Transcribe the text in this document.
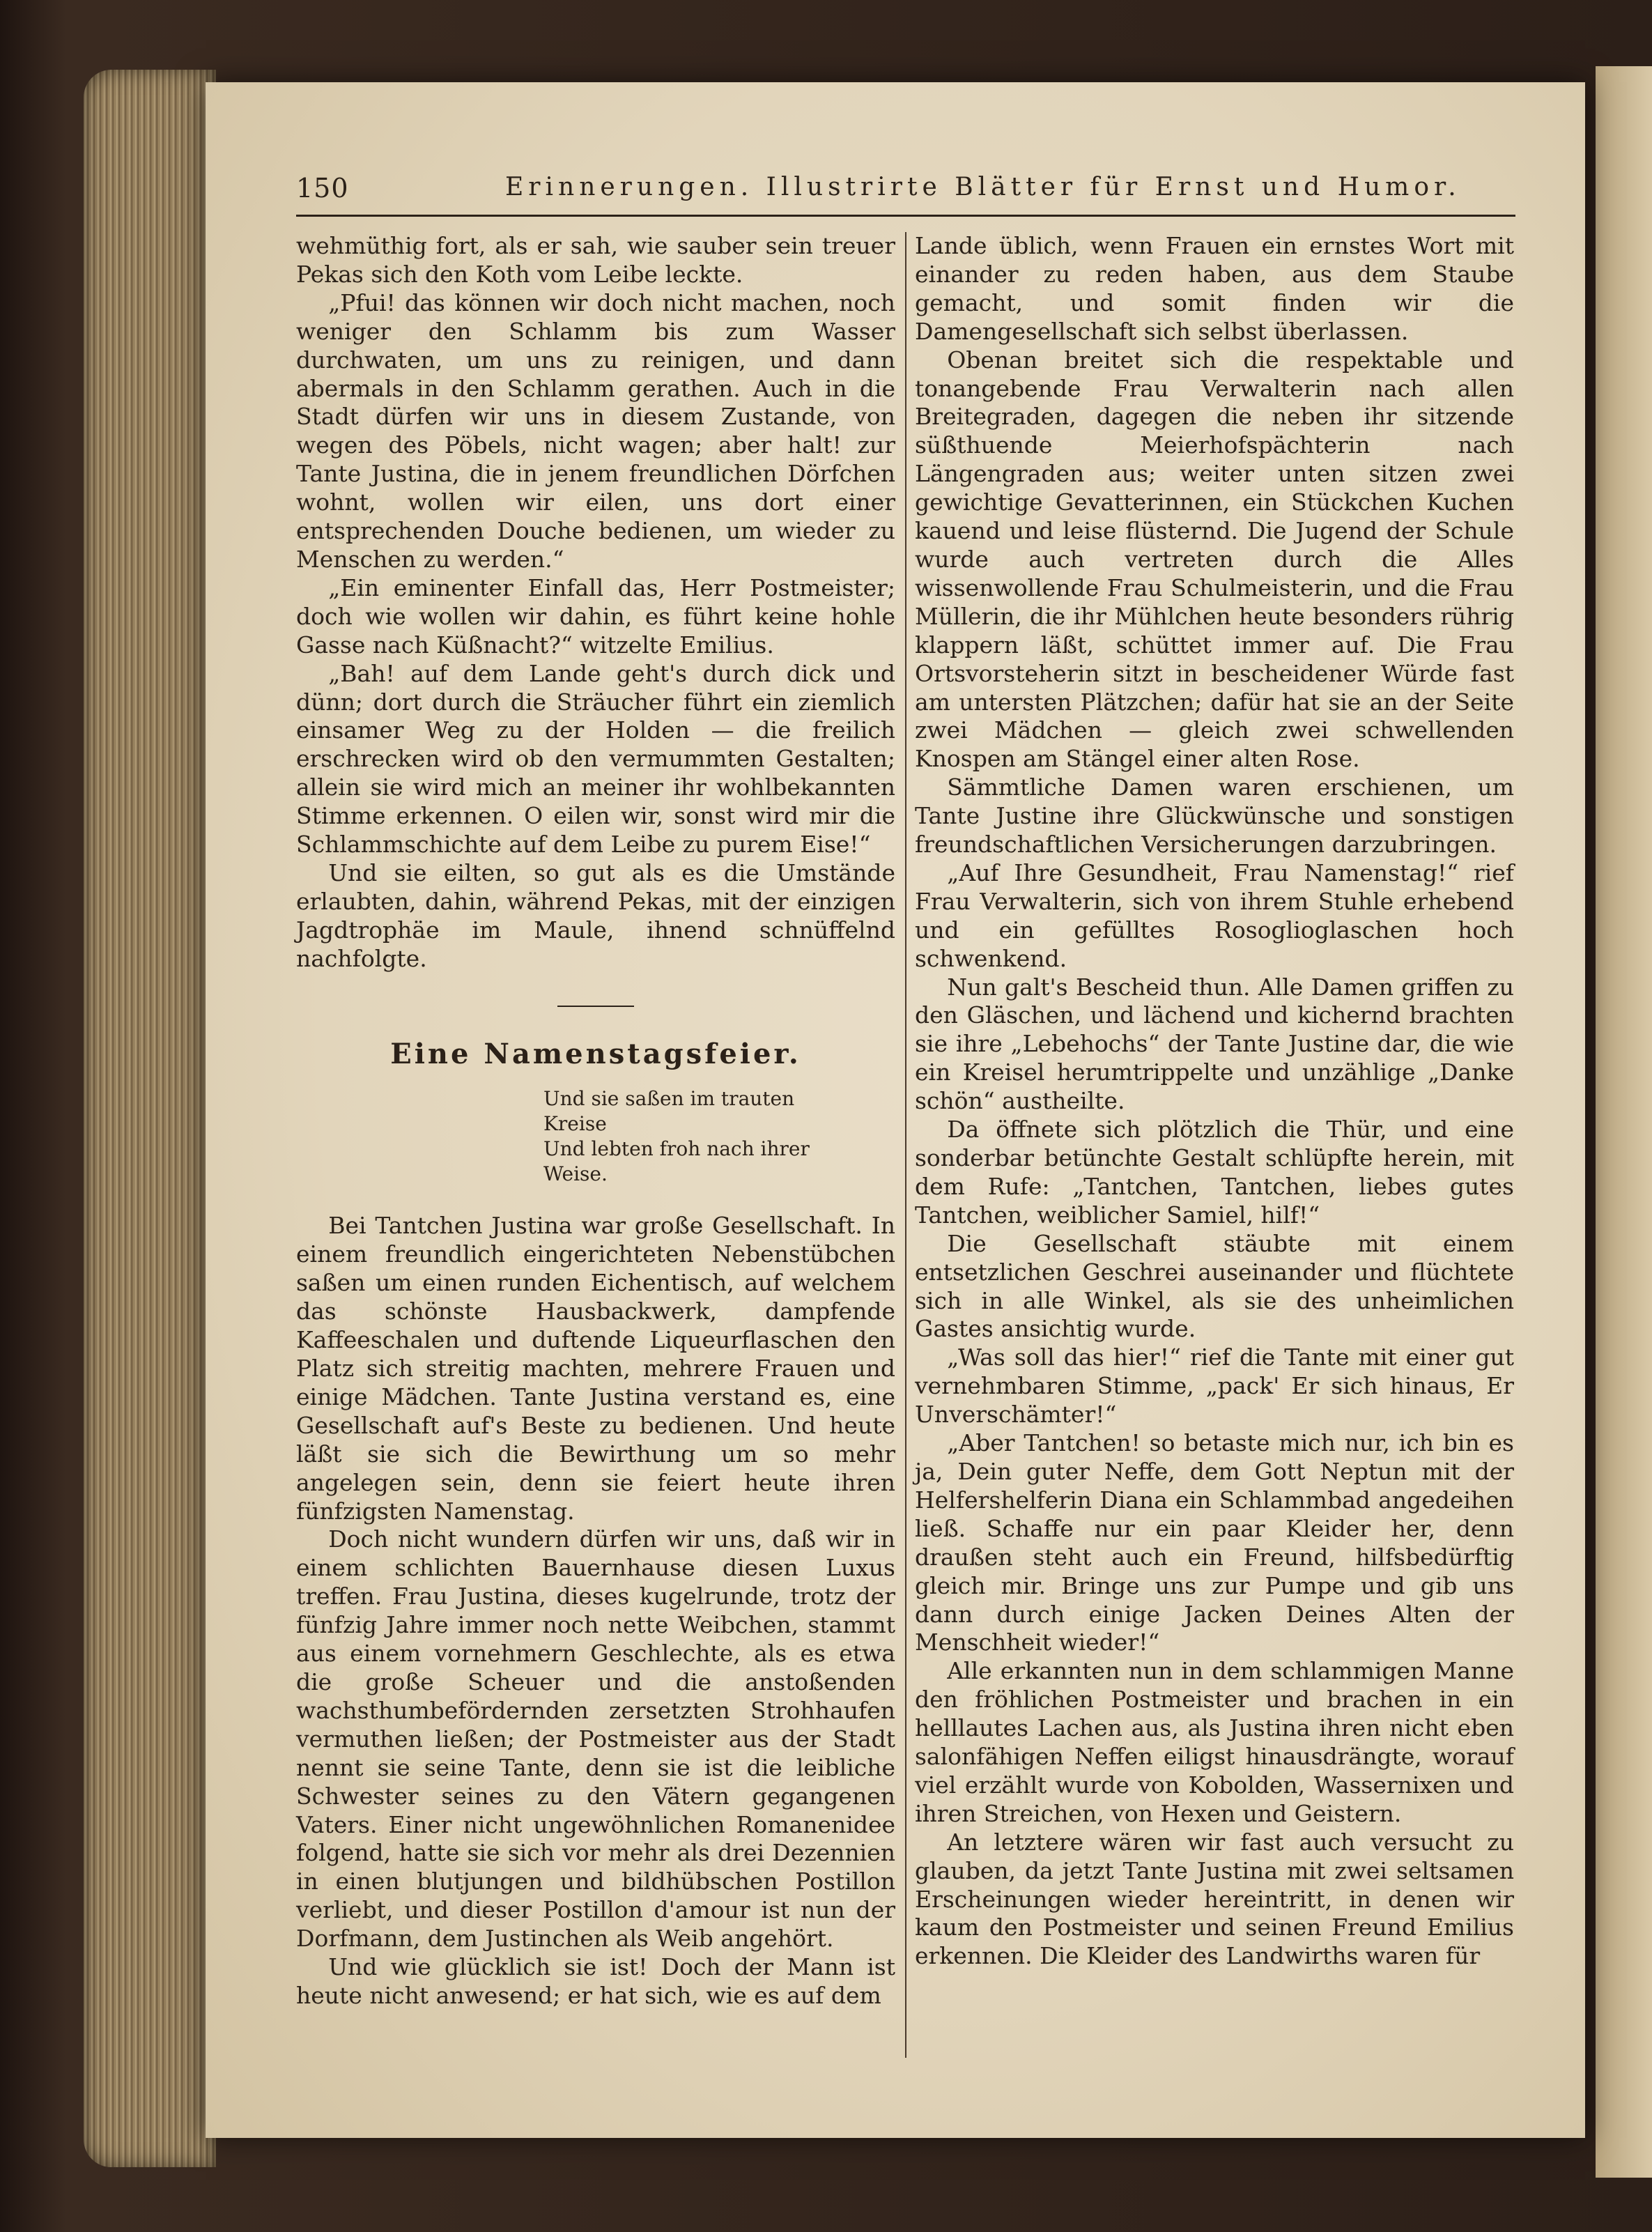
150	Erinnerungen. Illustrirte Blätter für Ernst und Humor.

wehmüthig fort, als er sah, wie sauber sein treuer Pekas sich den Koth vom Leibe leckte.

„Pfui! das können wir doch nicht machen, noch weniger den Schlamm bis zum Wasser durchwaten, um uns zu reinigen, und dann abermals in den Schlamm gerathen. Auch in die Stadt dürfen wir uns in diesem Zustande, von wegen des Pöbels, nicht wagen; aber halt! zur Tante Justina, die in jenem freundlichen Dörfchen wohnt, wollen wir eilen, uns dort einer entsprechenden Douche bedienen, um wieder zu Menschen zu werden.“

„Ein eminenter Einfall das, Herr Postmeister; doch wie wollen wir dahin, es führt keine hohle Gasse nach Küßnacht?“ witzelte Emilius.

„Bah! auf dem Lande geht's durch dick und dünn; dort durch die Sträucher führt ein ziemlich einsamer Weg zu der Holden — die freilich erschrecken wird ob den vermummten Gestalten; allein sie wird mich an meiner ihr wohlbekannten Stimme erkennen. O eilen wir, sonst wird mir die Schlammschichte auf dem Leibe zu purem Eise!“

Und sie eilten, so gut als es die Umstände erlaubten, dahin, während Pekas, mit der einzigen Jagdtrophäe im Maule, ihnend schnüffelnd nachfolgte.

Eine Namenstagsfeier.
Und sie saßen im trauten Kreise
Und lebten froh nach ihrer Weise.

Bei Tantchen Justina war große Gesellschaft. In einem freundlich eingerichteten Nebenstübchen saßen um einen runden Eichentisch, auf welchem das schönste Hausbackwerk, dampfende Kaffeeschalen und duftende Liqueurflaschen den Platz sich streitig machten, mehrere Frauen und einige Mädchen. Tante Justina verstand es, eine Gesellschaft auf's Beste zu bedienen. Und heute läßt sie sich die Bewirthung um so mehr angelegen sein, denn sie feiert heute ihren fünfzigsten Namenstag.

Doch nicht wundern dürfen wir uns, daß wir in einem schlichten Bauernhause diesen Luxus treffen. Frau Justina, dieses kugelrunde, trotz der fünfzig Jahre immer noch nette Weibchen, stammt aus einem vornehmern Geschlechte, als es etwa die große Scheuer und die anstoßenden wachsthumbefördernden zersetzten Strohhaufen vermuthen ließen; der Postmeister aus der Stadt nennt sie seine Tante, denn sie ist die leibliche Schwester seines zu den Vätern gegangenen Vaters. Einer nicht ungewöhnlichen Romanenidee folgend, hatte sie sich vor mehr als drei Dezennien in einen blutjungen und bildhübschen Postillon verliebt, und dieser Postillon d'amour ist nun der Dorfmann, dem Justinchen als Weib angehört.

Und wie glücklich sie ist! Doch der Mann ist heute nicht anwesend; er hat sich, wie es auf dem

Lande üblich, wenn Frauen ein ernstes Wort mit einander zu reden haben, aus dem Staube gemacht, und somit finden wir die Damengesellschaft sich selbst überlassen.

Obenan breitet sich die respektable und tonangebende Frau Verwalterin nach allen Breitegraden, dagegen die neben ihr sitzende süßthuende Meierhofspächterin nach Längengraden aus; weiter unten sitzen zwei gewichtige Gevatterinnen, ein Stückchen Kuchen kauend und leise flüsternd. Die Jugend der Schule wurde auch vertreten durch die Alles wissenwollende Frau Schulmeisterin, und die Frau Müllerin, die ihr Mühlchen heute besonders rührig klappern läßt, schüttet immer auf. Die Frau Ortsvorsteherin sitzt in bescheidener Würde fast am untersten Plätzchen; dafür hat sie an der Seite zwei Mädchen — gleich zwei schwellenden Knospen am Stängel einer alten Rose.

Sämmtliche Damen waren erschienen, um Tante Justine ihre Glückwünsche und sonstigen freundschaftlichen Versicherungen darzubringen.

„Auf Ihre Gesundheit, Frau Namenstag!“ rief Frau Verwalterin, sich von ihrem Stuhle erhebend und ein gefülltes Rosoglioglaschen hoch schwenkend.

Nun galt's Bescheid thun. Alle Damen griffen zu den Gläschen, und lächend und kichernd brachten sie ihre „Lebehochs“ der Tante Justine dar, die wie ein Kreisel herumtrippelte und unzählige „Danke schön“ austheilte.

Da öffnete sich plötzlich die Thür, und eine sonderbar betünchte Gestalt schlüpfte herein, mit dem Rufe: „Tantchen, Tantchen, liebes gutes Tantchen, weiblicher Samiel, hilf!“

Die Gesellschaft stäubte mit einem entsetzlichen Geschrei auseinander und flüchtete sich in alle Winkel, als sie des unheimlichen Gastes ansichtig wurde.

„Was soll das hier!“ rief die Tante mit einer gut vernehmbaren Stimme, „pack' Er sich hinaus, Er Unverschämter!“

„Aber Tantchen! so betaste mich nur, ich bin es ja, Dein guter Neffe, dem Gott Neptun mit der Helfershelferin Diana ein Schlammbad angedeihen ließ. Schaffe nur ein paar Kleider her, denn draußen steht auch ein Freund, hilfsbedürftig gleich mir. Bringe uns zur Pumpe und gib uns dann durch einige Jacken Deines Alten der Menschheit wieder!“

Alle erkannten nun in dem schlammigen Manne den fröhlichen Postmeister und brachen in ein helllautes Lachen aus, als Justina ihren nicht eben salonfähigen Neffen eiligst hinausdrängte, worauf viel erzählt wurde von Kobolden, Wassernixen und ihren Streichen, von Hexen und Geistern.

An letztere wären wir fast auch versucht zu glauben, da jetzt Tante Justina mit zwei seltsamen Erscheinungen wieder hereintritt, in denen wir kaum den Postmeister und seinen Freund Emilius erkennen. Die Kleider des Landwirths waren für
